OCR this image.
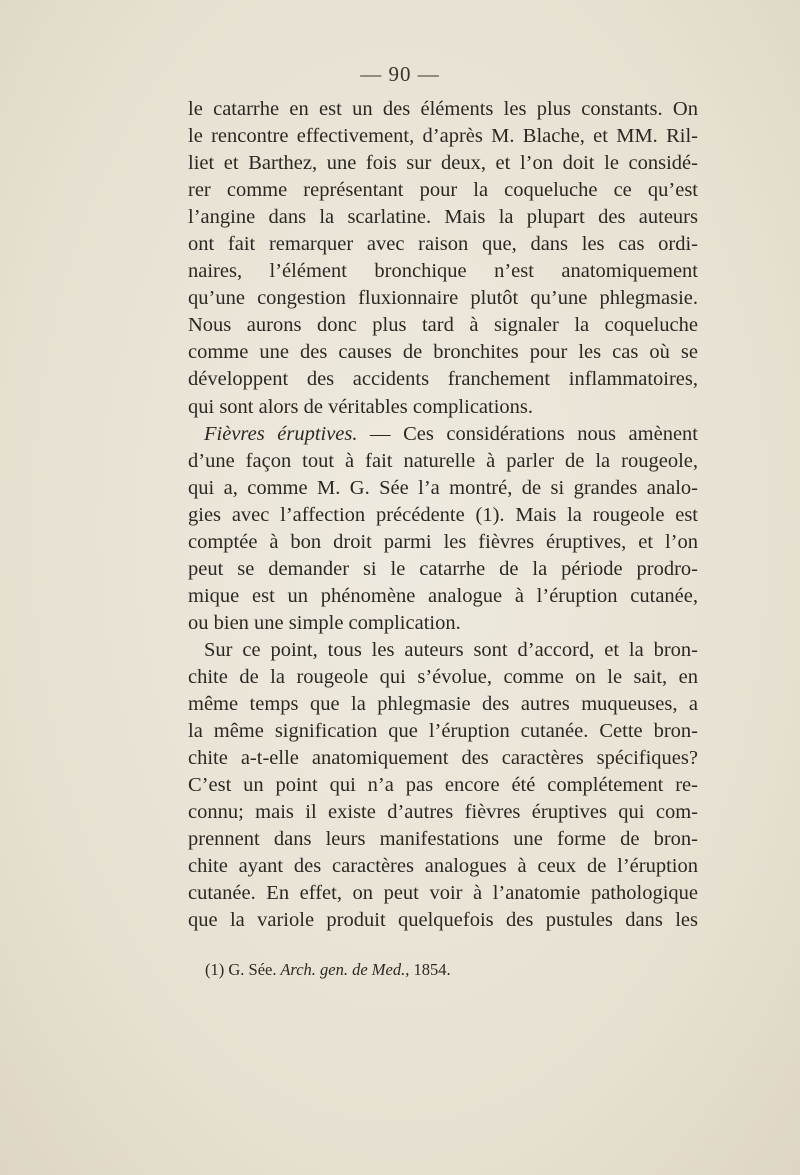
— 90 —
le catarrhe en est un des éléments les plus constants. On
le rencontre effectivement, d’après M. Blache, et MM. Ril-
liet et Barthez, une fois sur deux, et l’on doit le considé-
rer comme représentant pour la coqueluche ce qu’est
l’angine dans la scarlatine. Mais la plupart des auteurs
ont fait remarquer avec raison que, dans les cas ordi-
naires, l’élément bronchique n’est anatomiquement
qu’une congestion fluxionnaire plutôt qu’une phlegmasie.
Nous aurons donc plus tard à signaler la coqueluche
comme une des causes de bronchites pour les cas où se
développent des accidents franchement inflammatoires,
qui sont alors de véritables complications.
Fièvres éruptives. — Ces considérations nous amènent
d’une façon tout à fait naturelle à parler de la rougeole,
qui a, comme M. G. Sée l’a montré, de si grandes analo-
gies avec l’affection précédente (1). Mais la rougeole est
comptée à bon droit parmi les fièvres éruptives, et l’on
peut se demander si le catarrhe de la période prodro-
mique est un phénomène analogue à l’éruption cutanée,
ou bien une simple complication.
Sur ce point, tous les auteurs sont d’accord, et la bron-
chite de la rougeole qui s’évolue, comme on le sait, en
même temps que la phlegmasie des autres muqueuses, a
la même signification que l’éruption cutanée. Cette bron-
chite a-t-elle anatomiquement des caractères spécifiques?
C’est un point qui n’a pas encore été complétement re-
connu; mais il existe d’autres fièvres éruptives qui com-
prennent dans leurs manifestations une forme de bron-
chite ayant des caractères analogues à ceux de l’éruption
cutanée. En effet, on peut voir à l’anatomie pathologique
que la variole produit quelquefois des pustules dans les
(1) G. Sée. Arch. gen. de Med., 1854.
